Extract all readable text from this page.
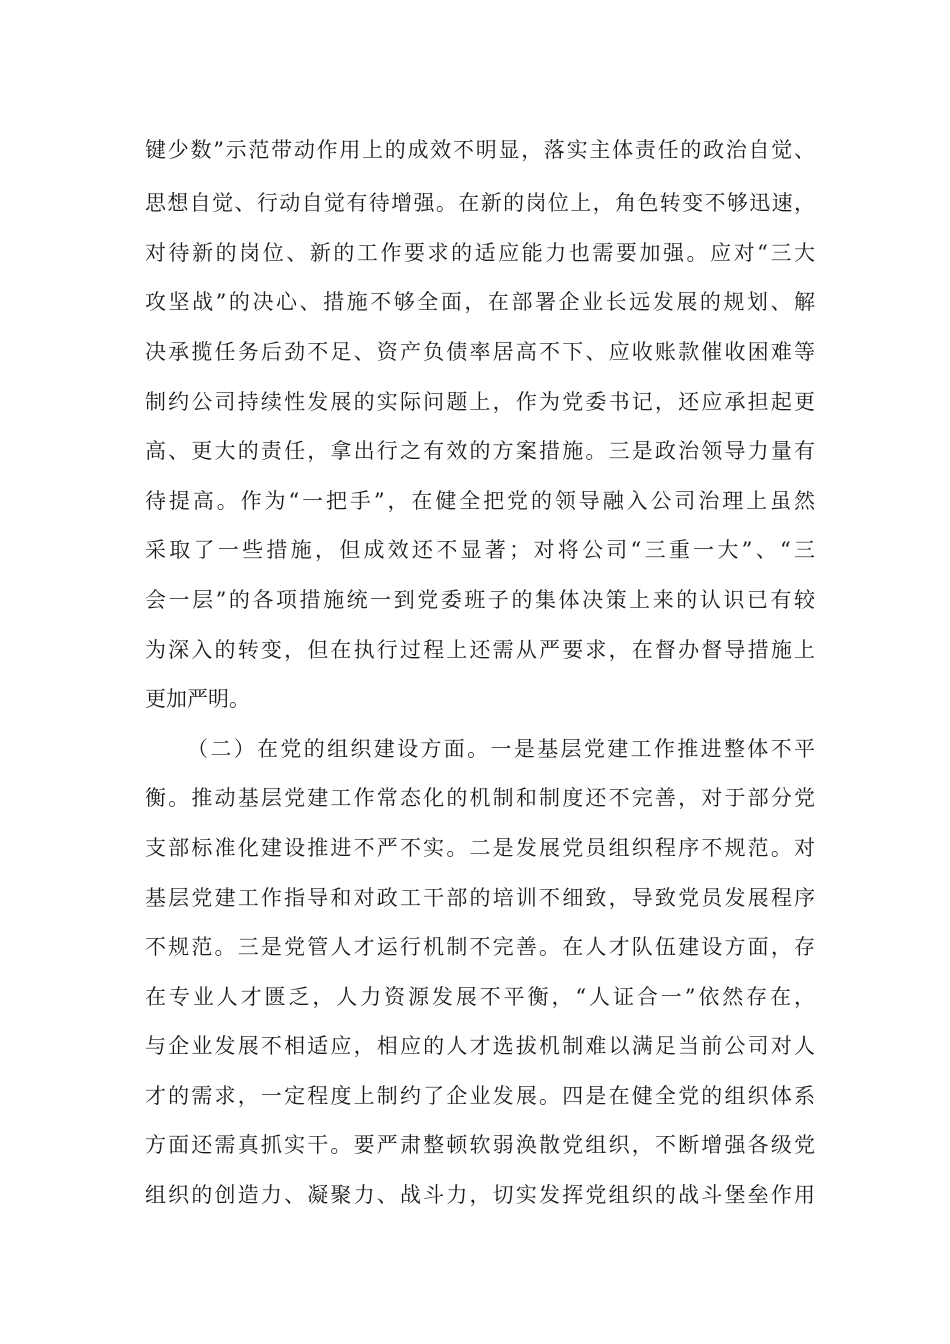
键少数”示范带动作用上的成效不明显，落实主体责任的政治自觉、
思想自觉、行动自觉有待增强。在新的岗位上，角色转变不够迅速，
对待新的岗位、新的工作要求的适应能力也需要加强。应对“三大
攻坚战”的决心、措施不够全面，在部署企业长远发展的规划、解
决承揽任务后劲不足、资产负债率居高不下、应收账款催收困难等
制约公司持续性发展的实际问题上，作为党委书记，还应承担起更
高、更大的责任，拿出行之有效的方案措施。三是政治领导力量有
待提高。作为“一把手”，在健全把党的领导融入公司治理上虽然
采取了一些措施，但成效还不显著；对将公司“三重一大”、“三
会一层”的各项措施统一到党委班子的集体决策上来的认识已有较
为深入的转变，但在执行过程上还需从严要求，在督办督导措施上
更加严明。
（二）在党的组织建设方面。一是基层党建工作推进整体不平
衡。推动基层党建工作常态化的机制和制度还不完善，对于部分党
支部标准化建设推进不严不实。二是发展党员组织程序不规范。对
基层党建工作指导和对政工干部的培训不细致，导致党员发展程序
不规范。三是党管人才运行机制不完善。在人才队伍建设方面，存
在专业人才匮乏，人力资源发展不平衡，“人证合一”依然存在，
与企业发展不相适应，相应的人才选拔机制难以满足当前公司对人
才的需求，一定程度上制约了企业发展。四是在健全党的组织体系
方面还需真抓实干。要严肃整顿软弱涣散党组织，不断增强各级党
组织的创造力、凝聚力、战斗力，切实发挥党组织的战斗堡垒作用
